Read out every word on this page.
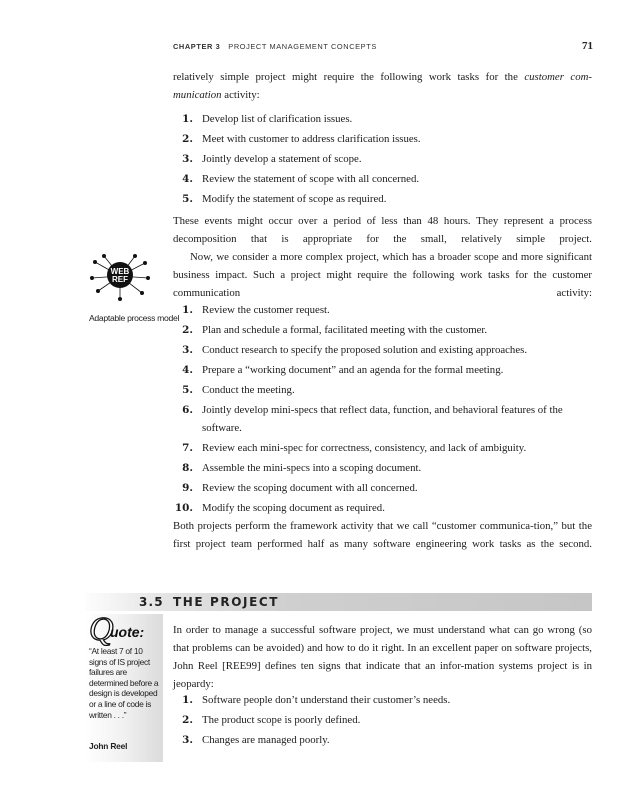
CHAPTER 3 PROJECT MANAGEMENT CONCEPTS	71

relatively simple project might require the following work tasks for the customer com-

munication activity:

1. Develop list of clarification issues.
2. Meet with customer to address clarification issues.
3. Jointly develop a statement of scope.
4. Review the statement of scope with all concerned.
5. Modify the statement of scope as required.

These events might occur over a period of less than 48 hours. They represent a process decomposition that is appropriate for the small, relatively simple project.

Now, we consider a more complex project, which has a broader scope and more significant business impact. Such a project might require the following work tasks for the customer communication activity:

WEB
REF
Adaptable process model
1. Review the customer request.
2. Plan and schedule a formal, facilitated meeting with the customer.
3. Conduct research to specify the proposed solution and existing approaches.
4. Prepare a “working document” and an agenda for the formal meeting.
5. Conduct the meeting.
6. Jointly develop mini-specs that reflect data, function, and behavioral features of the software.
7. Review each mini-spec for correctness, consistency, and lack of ambiguity.
8. Assemble the mini-specs into a scoping document.
9. Review the scoping document with all concerned.
10. Modify the scoping document as required.

Both projects perform the framework activity that we call “customer communica-tion,” but the first project team performed half as many software engineering work tasks as the second.

3.5 THE PROJECT
Q
uote:

“At least 7 of 10 signs of IS project failures are determined before a design is developed or a line of code is written . . .”

John Reel

In order to manage a successful software project, we must understand what can go wrong (so that problems can be avoided) and how to do it right. In an excellent paper on software projects, John Reel [REE99] defines ten signs that indicate that an infor-mation systems project is in jeopardy:

1. Software people don’t understand their customer’s needs.
2. The product scope is poorly defined.
3. Changes are managed poorly.
